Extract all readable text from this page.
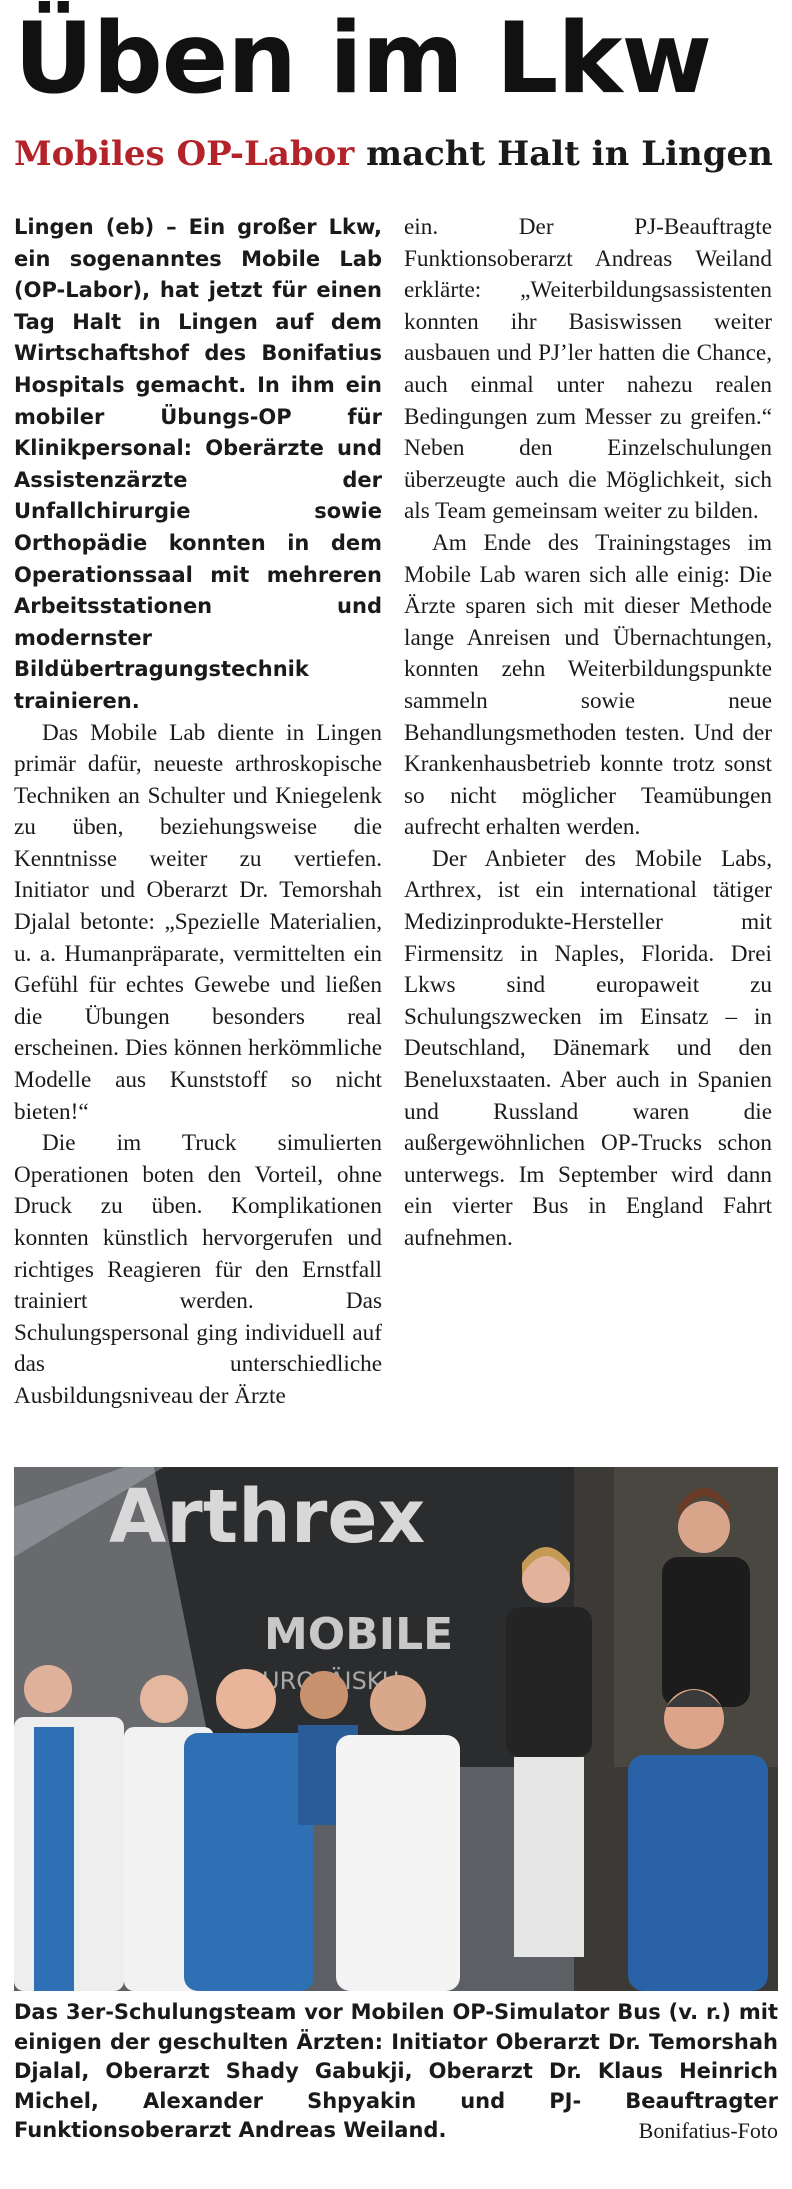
Üben im Lkw
Mobiles OP-Labor macht Halt in Lingen

Lingen (eb) – Ein großer Lkw, ein sogenanntes Mobile Lab (OP-Labor), hat jetzt für einen Tag Halt in Lingen auf dem Wirtschaftshof des Bonifatius Hospitals gemacht. In ihm ein mobiler Übungs-OP für Klinikpersonal: Oberärzte und Assistenzärzte der Unfallchirurgie sowie Orthopädie konnten in dem Operationssaal mit mehreren Arbeitsstationen und modernster Bildübertragungstechnik trainieren.

Das Mobile Lab diente in Lingen primär dafür, neueste arthroskopische Techniken an Schulter und Kniegelenk zu üben, beziehungsweise die Kenntnisse weiter zu vertiefen. Initiator und Oberarzt Dr. Temorshah Djalal betonte: „Spezielle Materialien, u. a. Humanpräparate, vermittelten ein Gefühl für echtes Gewebe und ließen die Übungen besonders real erscheinen. Dies können herkömmliche Modelle aus Kunststoff so nicht bieten!“

Die im Truck simulierten Operationen boten den Vorteil, ohne Druck zu üben. Komplikationen konnten künstlich hervorgerufen und richtiges Reagieren für den Ernstfall trainiert werden. Das Schulungspersonal ging individuell auf das unterschiedliche Ausbildungsniveau der Ärzte

ein. Der PJ-Beauftragte Funktionsoberarzt Andreas Weiland erklärte: „Weiterbildungsassistenten konnten ihr Basiswissen weiter ausbauen und PJ’ler hatten die Chance, auch einmal unter nahezu realen Bedingungen zum Messer zu greifen.“ Neben den Einzelschulungen überzeugte auch die Möglichkeit, sich als Team gemeinsam weiter zu bilden.

Am Ende des Trainingstages im Mobile Lab waren sich alle einig: Die Ärzte sparen sich mit dieser Methode lange Anreisen und Übernachtungen, konnten zehn Weiterbildungspunkte sammeln sowie neue Behandlungsmethoden testen. Und der Krankenhausbetrieb konnte trotz sonst so nicht möglicher Teamübungen aufrecht erhalten werden.

Der Anbieter des Mobile Labs, Arthrex, ist ein international tätiger Medizinprodukte-Hersteller mit Firmensitz in Naples, Florida. Drei Lkws sind europaweit zu Schulungszwecken im Einsatz – in Deutschland, Dänemark und den Beneluxstaaten. Aber auch in Spanien und Russland waren die außergewöhnlichen OP-Trucks schon unterwegs. Im September wird dann ein vierter Bus in England Fahrt aufnehmen.

Arthrex
MOBILE
Das 3er-Schulungsteam vor Mobilen OP-Simulator Bus (v. r.) mit einigen der geschulten Ärzten: Initiator Oberarzt Dr. Temorshah Djalal, Oberarzt Shady Gabukji, Oberarzt Dr. Klaus Heinrich Michel, Alexander Shpyakin und PJ- Beauftragter Funktionsoberarzt Andreas Weiland.	Bonifatius-Foto
